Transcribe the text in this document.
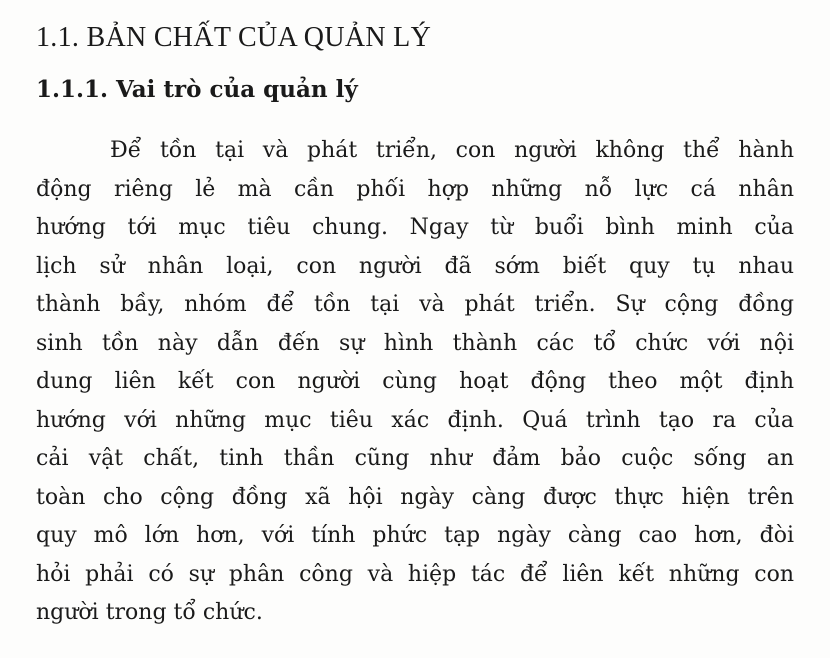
1.1. BẢN CHẤT CỦA QUẢN LÝ
1.1.1. Vai trò của quản lý
Để tồn tại và phát triển, con người không thể hành
động riêng lẻ mà cần phối hợp những nỗ lực cá nhân
hướng tới mục tiêu chung. Ngay từ buổi bình minh của
lịch sử nhân loại, con người đã sớm biết quy tụ nhau
thành bầy, nhóm để tồn tại và phát triển. Sự cộng đồng
sinh tồn này dẫn đến sự hình thành các tổ chức với nội
dung liên kết con người cùng hoạt động theo một định
hướng với những mục tiêu xác định. Quá trình tạo ra của
cải vật chất, tinh thần cũng như đảm bảo cuộc sống an
toàn cho cộng đồng xã hội ngày càng được thực hiện trên
quy mô lớn hơn, với tính phức tạp ngày càng cao hơn, đòi
hỏi phải có sự phân công và hiệp tác để liên kết những con
người trong tổ chức.
